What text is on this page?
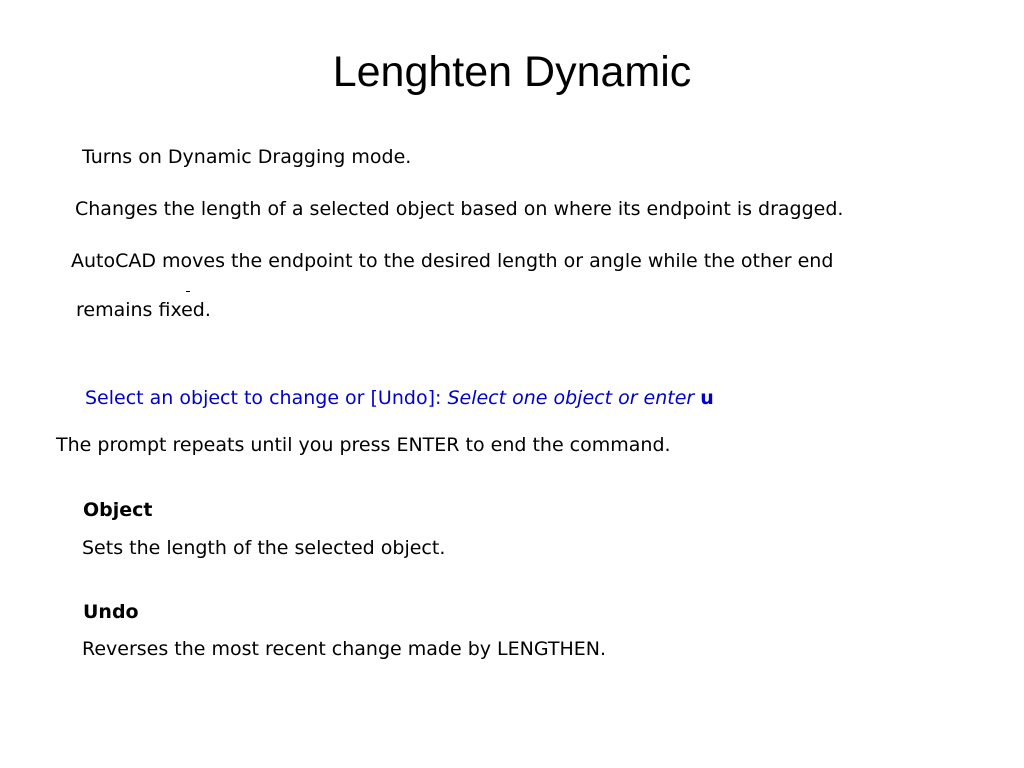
Lenghten Dynamic
Turns on Dynamic Dragging mode.
Changes the length of a selected object based on where its endpoint is dragged.
AutoCAD moves the endpoint to the desired length or angle while the other end
remains fixed.
Select an object to change or [Undo]: Select one object or enter u
The prompt repeats until you press ENTER to end the command.
Object
Sets the length of the selected object.
Undo
Reverses the most recent change made by LENGTHEN.
